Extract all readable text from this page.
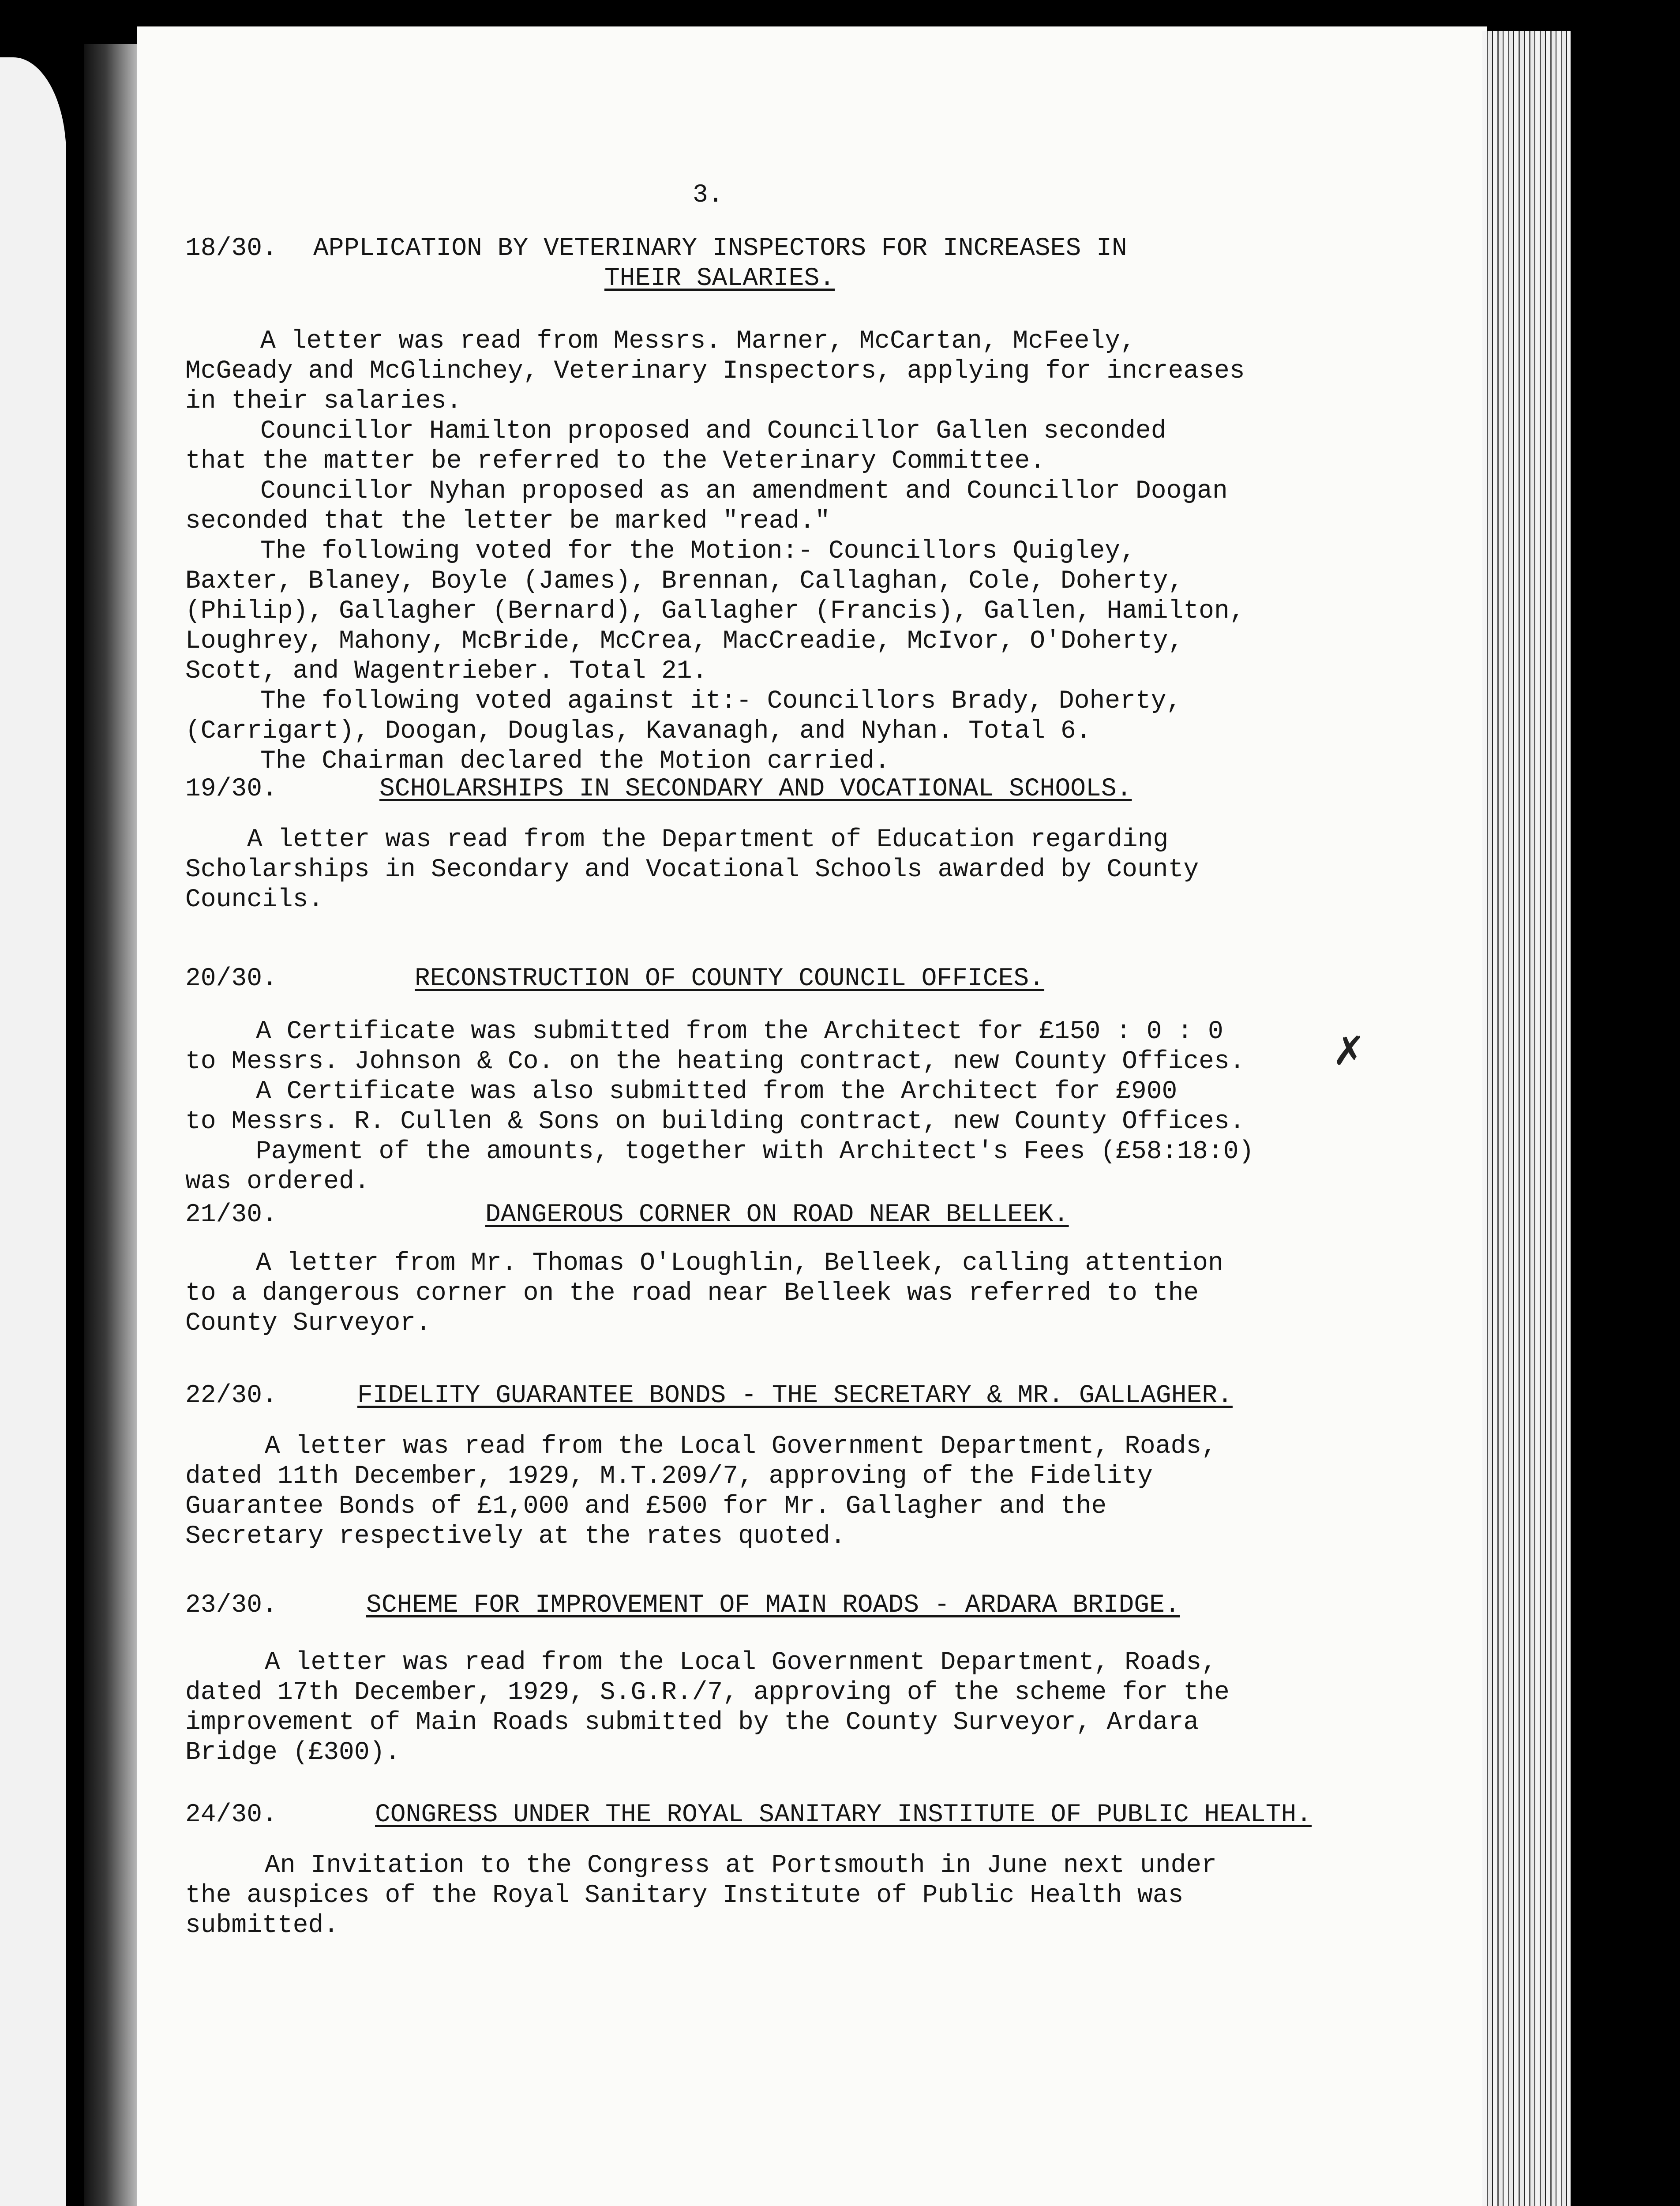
3.
18/30. APPLICATION BY VETERINARY INSPECTORS FOR INCREASES IN
THEIR SALARIES.

A letter was read from Messrs. Marner, McCartan, McFeely,
McGeady and McGlinchey, Veterinary Inspectors, applying for increases
in their salaries.

Councillor Hamilton proposed and Councillor Gallen seconded
that the matter be referred to the Veterinary Committee.

Councillor Nyhan proposed as an amendment and Councillor Doogan
seconded that the letter be marked "read."

The following voted for the Motion:- Councillors Quigley,
Baxter, Blaney, Boyle (James), Brennan, Callaghan, Cole, Doherty,
(Philip), Gallagher (Bernard), Gallagher (Francis), Gallen, Hamilton,
Loughrey, Mahony, McBride, McCrea, MacCreadie, McIvor, O'Doherty,
Scott, and Wagentrieber. Total 21.

The following voted against it:- Councillors Brady, Doherty,
(Carrigart), Doogan, Douglas, Kavanagh, and Nyhan. Total 6.

The Chairman declared the Motion carried.

19/30.	SCHOLARSHIPS IN SECONDARY AND VOCATIONAL SCHOOLS.

A letter was read from the Department of Education regarding
Scholarships in Secondary and Vocational Schools awarded by County
Councils.

20/30.	RECONSTRUCTION OF COUNTY COUNCIL OFFICES.

A Certificate was submitted from the Architect for £150 : 0 : 0
to Messrs. Johnson & Co. on the heating contract, new County Offices.

A Certificate was also submitted from the Architect for £900
to Messrs. R. Cullen & Sons on building contract, new County Offices.

Payment of the amounts, together with Architect's Fees (£58:18:0)
was ordered.

21/30.	DANGEROUS CORNER ON ROAD NEAR BELLEEK.

A letter from Mr. Thomas O'Loughlin, Belleek, calling attention
to a dangerous corner on the road near Belleek was referred to the
County Surveyor.

22/30.	FIDELITY GUARANTEE BONDS - THE SECRETARY & MR. GALLAGHER.

A letter was read from the Local Government Department, Roads,
dated 11th December, 1929, M.T.209/7, approving of the Fidelity
Guarantee Bonds of £1,000 and £500 for Mr. Gallagher and the
Secretary respectively at the rates quoted.

23/30.	SCHEME FOR IMPROVEMENT OF MAIN ROADS - ARDARA BRIDGE.

A letter was read from the Local Government Department, Roads,
dated 17th December, 1929, S.G.R./7, approving of the scheme for the
improvement of Main Roads submitted by the County Surveyor, Ardara
Bridge (£300).

24/30.	CONGRESS UNDER THE ROYAL SANITARY INSTITUTE OF PUBLIC HEALTH.

An Invitation to the Congress at Portsmouth in June next under
the auspices of the Royal Sanitary Institute of Public Health was
submitted.

✗
